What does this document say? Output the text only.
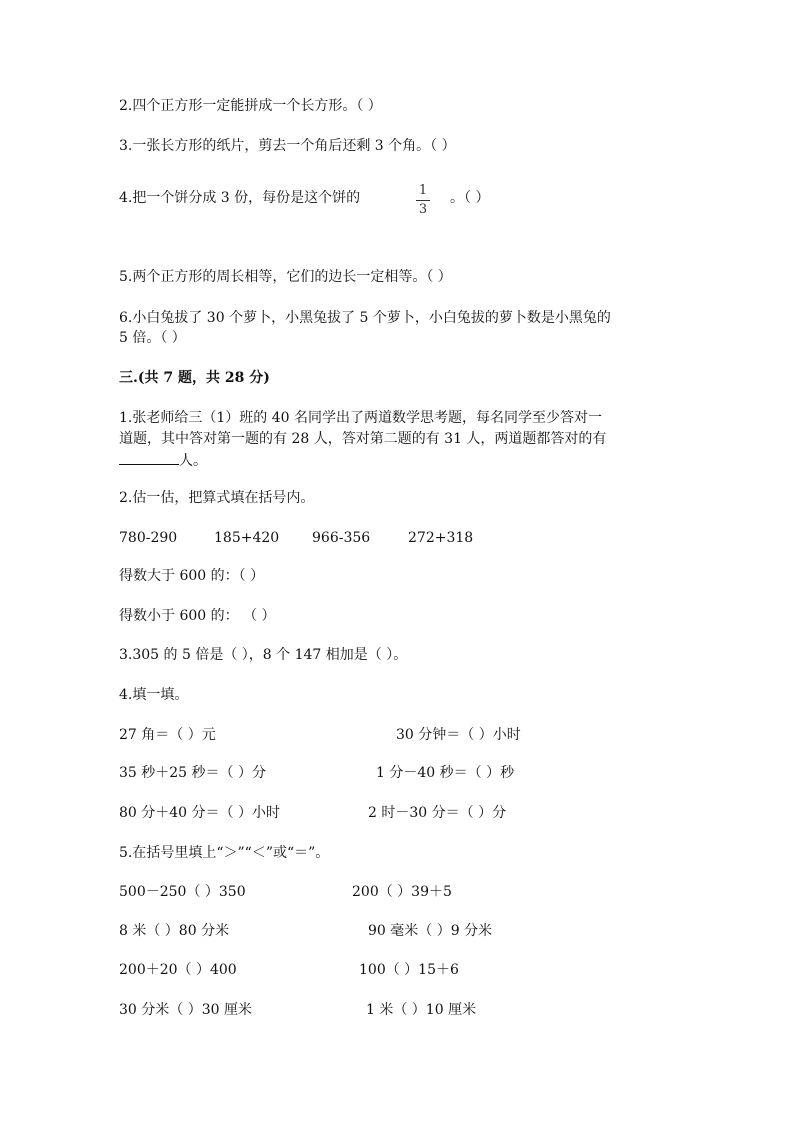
2.四个正方形一定能拼成一个长方形。（ ）
3.一张长方形的纸片，剪去一个角后还剩 3 个角。（ ）
4.把一个饼分成 3 份，每份是这个饼的	1
3
。（ ）
5.两个正方形的周长相等，它们的边长一定相等。（ ）
6.小白兔拔了 30 个萝卜，小黑兔拔了 5 个萝卜，小白兔拔的萝卜数是小黑兔的
5 倍。（ ）
三.(共 7 题，共 28 分)
1.张老师给三（1）班的 40 名同学出了两道数学思考题，每名同学至少答对一
道题，其中答对第一题的有 28 人，答对第二题的有 31 人，两道题都答对的有
人。
2.估一估，把算式填在括号内。
780-290	185+420 966-356	272+318
得数大于 600 的：（ ）
得数小于 600 的： （ ）
3.305 的 5 倍是（ ），8 个 147 相加是（ ）。
4.填一填。
27 角＝（ ）元	30 分钟＝（ ）小时
35 秒＋25 秒＝（ ）分	1 分－40 秒＝（ ）秒
80 分＋40 分＝（ ）小时	2 时－30 分＝（ ）分
5.在括号里填上“＞”“＜”或“＝”。
500－250（ ）350	200（ ）39＋5
8 米（ ）80 分米	90 毫米（ ）9 分米
200＋20（ ）400	100（ ）15＋6
30 分米（ ）30 厘米	1 米（ ）10 厘米
